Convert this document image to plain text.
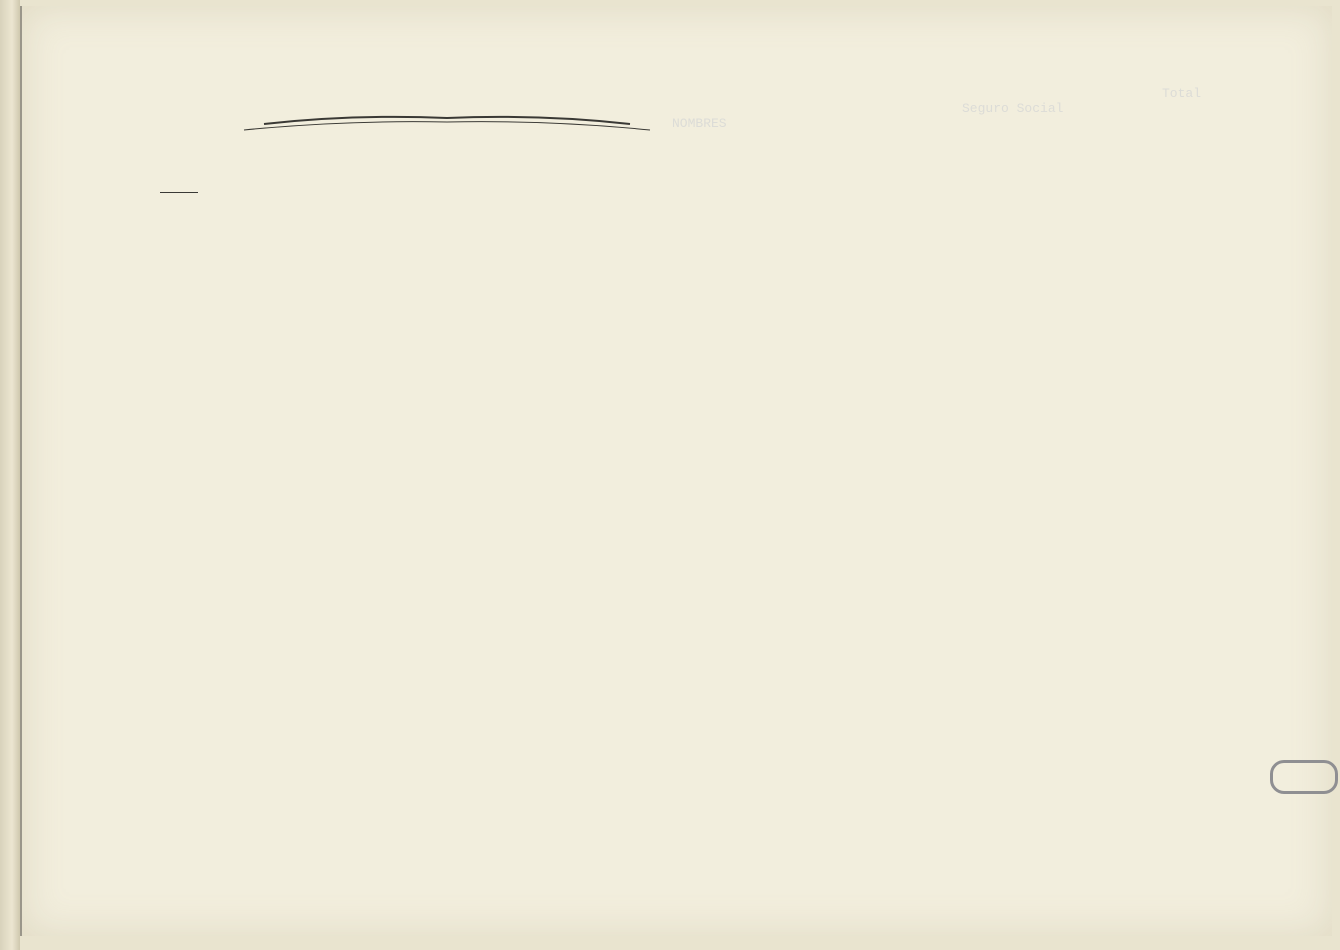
NOMBRES
Seguro Social
Total
